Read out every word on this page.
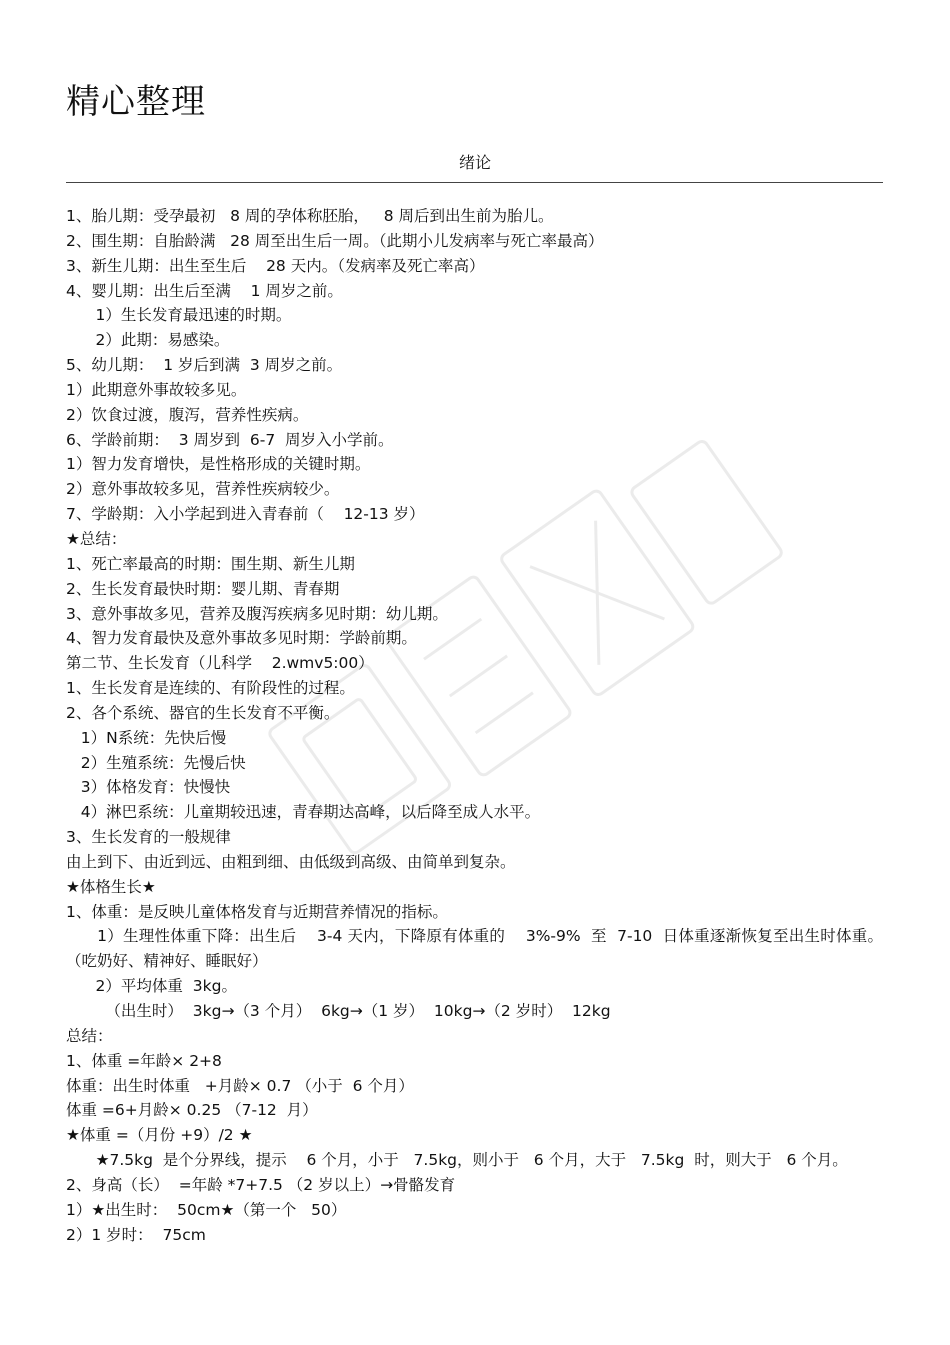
精心整理
绪论
1、胎儿期：受孕最初   8 周的孕体称胚胎，   8 周后到出生前为胎儿。
2、围生期：自胎龄满   28 周至出生后一周。（此期小儿发病率与死亡率最高）
3、新生儿期：出生至生后    28 天内。（发病率及死亡率高）
4、婴儿期：出生后至满    1 周岁之前。
1）生长发育最迅速的时期。
2）此期：易感染。
5、幼儿期：  1 岁后到满  3 周岁之前。
1）此期意外事故较多见。
2）饮食过渡，腹泻，营养性疾病。
6、学龄前期：  3 周岁到  6-7  周岁入小学前。
1）智力发育增快，是性格形成的关键时期。
2）意外事故较多见，营养性疾病较少。
7、学龄期：入小学起到进入青春前（    12-13 岁）
★总结：
1、死亡率最高的时期：围生期、新生儿期
2、生长发育最快时期：婴儿期、青春期
3、意外事故多见，营养及腹泻疾病多见时期：幼儿期。
4、智力发育最快及意外事故多见时期：学龄前期。
第二节、生长发育（儿科学    2.wmv5:00）
1、生长发育是连续的、有阶段性的过程。
2、各个系统、器官的生长发育不平衡。
1）N系统：先快后慢
2）生殖系统：先慢后快
3）体格发育：快慢快
4）淋巴系统：儿童期较迅速，青春期达高峰，以后降至成人水平。
3、生长发育的一般规律
由上到下、由近到远、由粗到细、由低级到高级、由简单到复杂。
★体格生长★
1、体重：是反映儿童体格发育与近期营养情况的指标。
1）生理性体重下降：出生后    3-4 天内，下降原有体重的    3%-9%  至  7-10  日体重逐渐恢复至出生时体重。（吃奶好、精神好、睡眠好）
2）平均体重  3kg。
（出生时）  3kg→（3 个月）  6kg→（1 岁）  10kg→（2 岁时）  12kg
总结：
1、体重 =年龄× 2+8
体重：出生时体重   +月龄× 0.7 （小于  6 个月）
体重 =6+月龄× 0.25 （7-12  月）
★体重 =（月份 +9）/2 ★
★7.5kg  是个分界线，提示    6 个月，小于   7.5kg，则小于   6 个月，大于   7.5kg  时，则大于   6 个月。
2、身高（长）  =年龄 *7+7.5 （2 岁以上）→骨骼发育
1）★出生时：  50cm★（第一个   50）
2）1 岁时：  75cm
